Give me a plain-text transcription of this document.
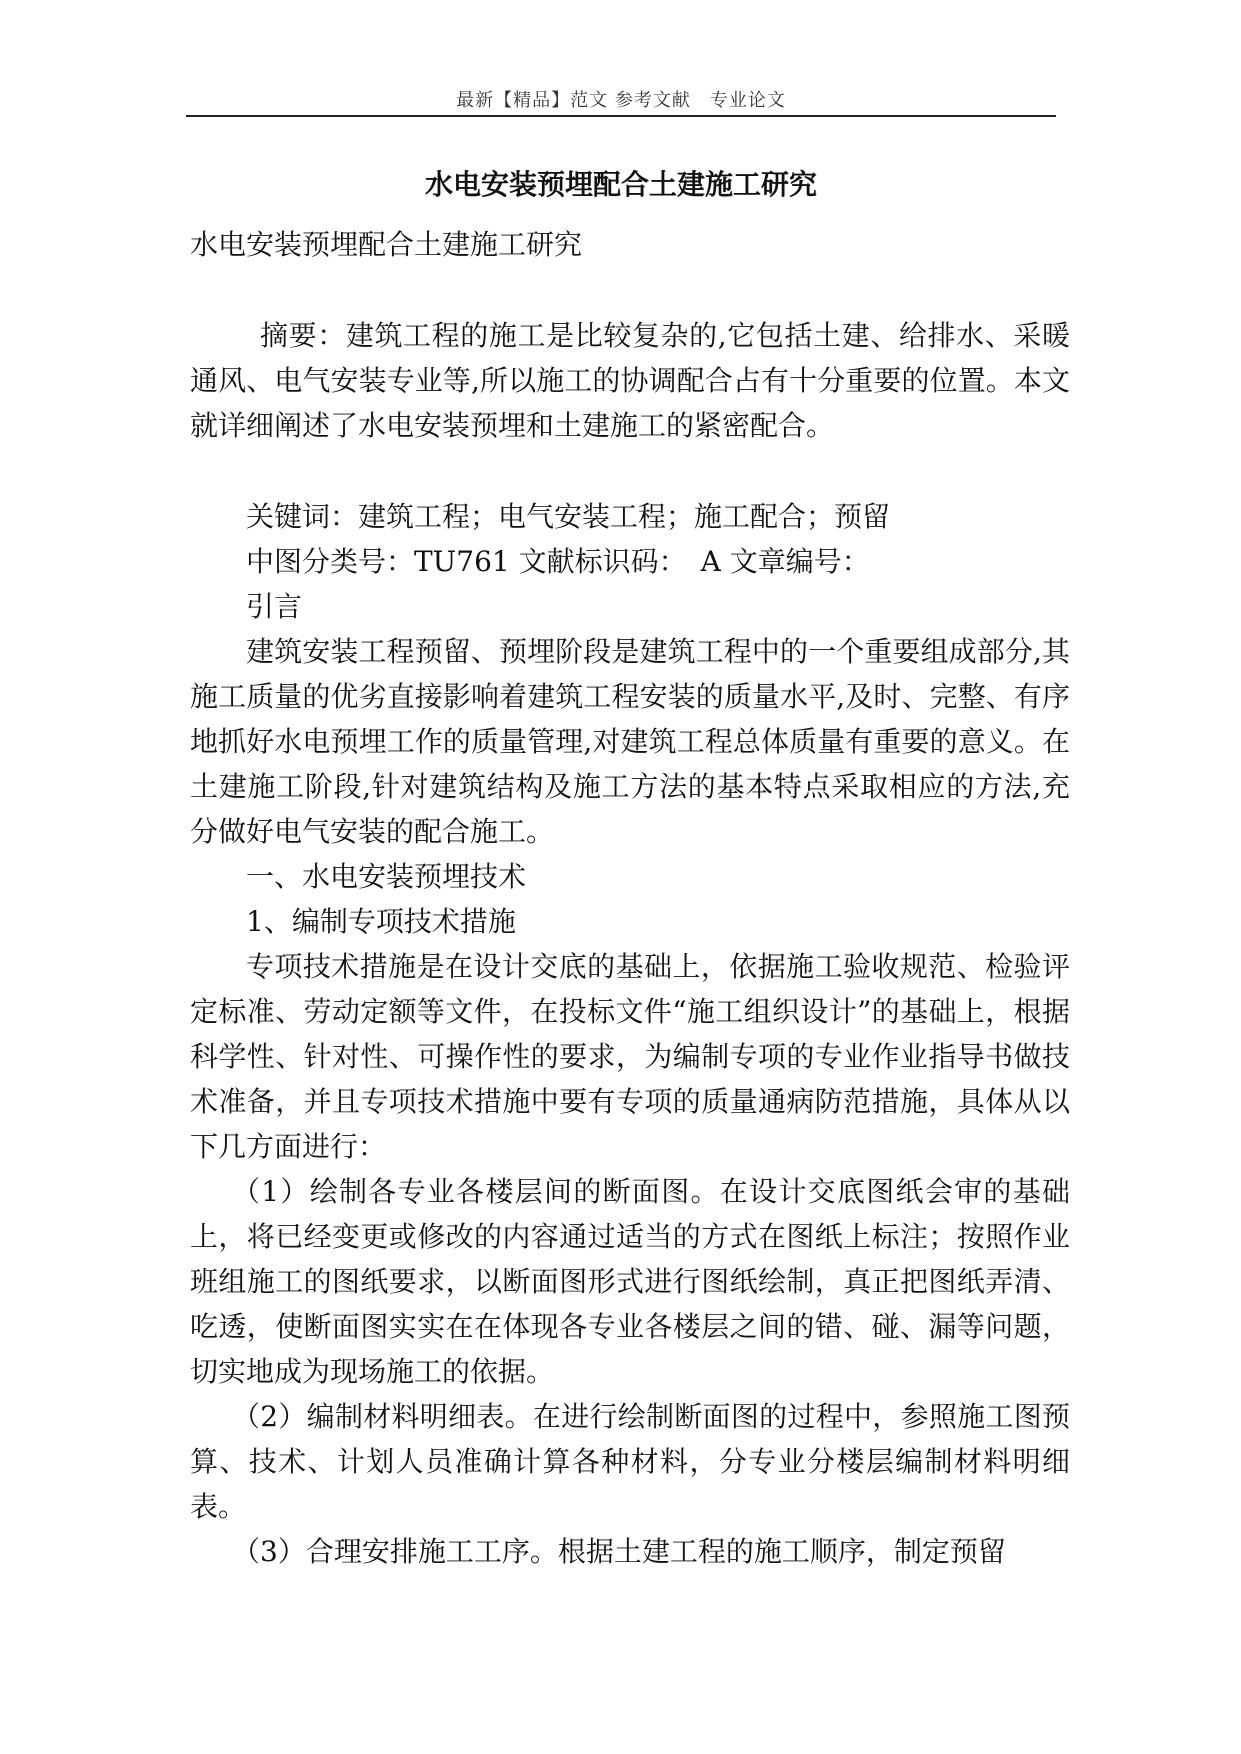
最新【精品】范文 参考文献　专业论文
水电安装预埋配合土建施工研究

水电安装预埋配合土建施工研究

摘要：建筑工程的施工是比较复杂的,它包括土建、给排水、采暖通风、电气安装专业等,所以施工的协调配合占有十分重要的位置。本文就详细阐述了水电安装预埋和土建施工的紧密配合。

关键词：建筑工程；电气安装工程；施工配合；预留

中图分类号：TU761 文献标识码：　A 文章编号：

引言

建筑安装工程预留、预埋阶段是建筑工程中的一个重要组成部分,其施工质量的优劣直接影响着建筑工程安装的质量水平,及时、完整、有序地抓好水电预埋工作的质量管理,对建筑工程总体质量有重要的意义。在土建施工阶段,针对建筑结构及施工方法的基本特点采取相应的方法,充分做好电气安装的配合施工。

一、水电安装预埋技术

1、编制专项技术措施

专项技术措施是在设计交底的基础上，依据施工验收规范、检验评定标准、劳动定额等文件，在投标文件“施工组织设计”的基础上，根据科学性、针对性、可操作性的要求，为编制专项的专业作业指导书做技术准备，并且专项技术措施中要有专项的质量通病防范措施，具体从以下几方面进行：

（1）绘制各专业各楼层间的断面图。在设计交底图纸会审的基础上，将已经变更或修改的内容通过适当的方式在图纸上标注；按照作业班组施工的图纸要求，以断面图形式进行图纸绘制，真正把图纸弄清、吃透，使断面图实实在在体现各专业各楼层之间的错、碰、漏等问题，切实地成为现场施工的依据。

（2）编制材料明细表。在进行绘制断面图的过程中，参照施工图预算、技术、计划人员准确计算各种材料，分专业分楼层编制材料明细表。

（3）合理安排施工工序。根据土建工程的施工顺序，制定预留
